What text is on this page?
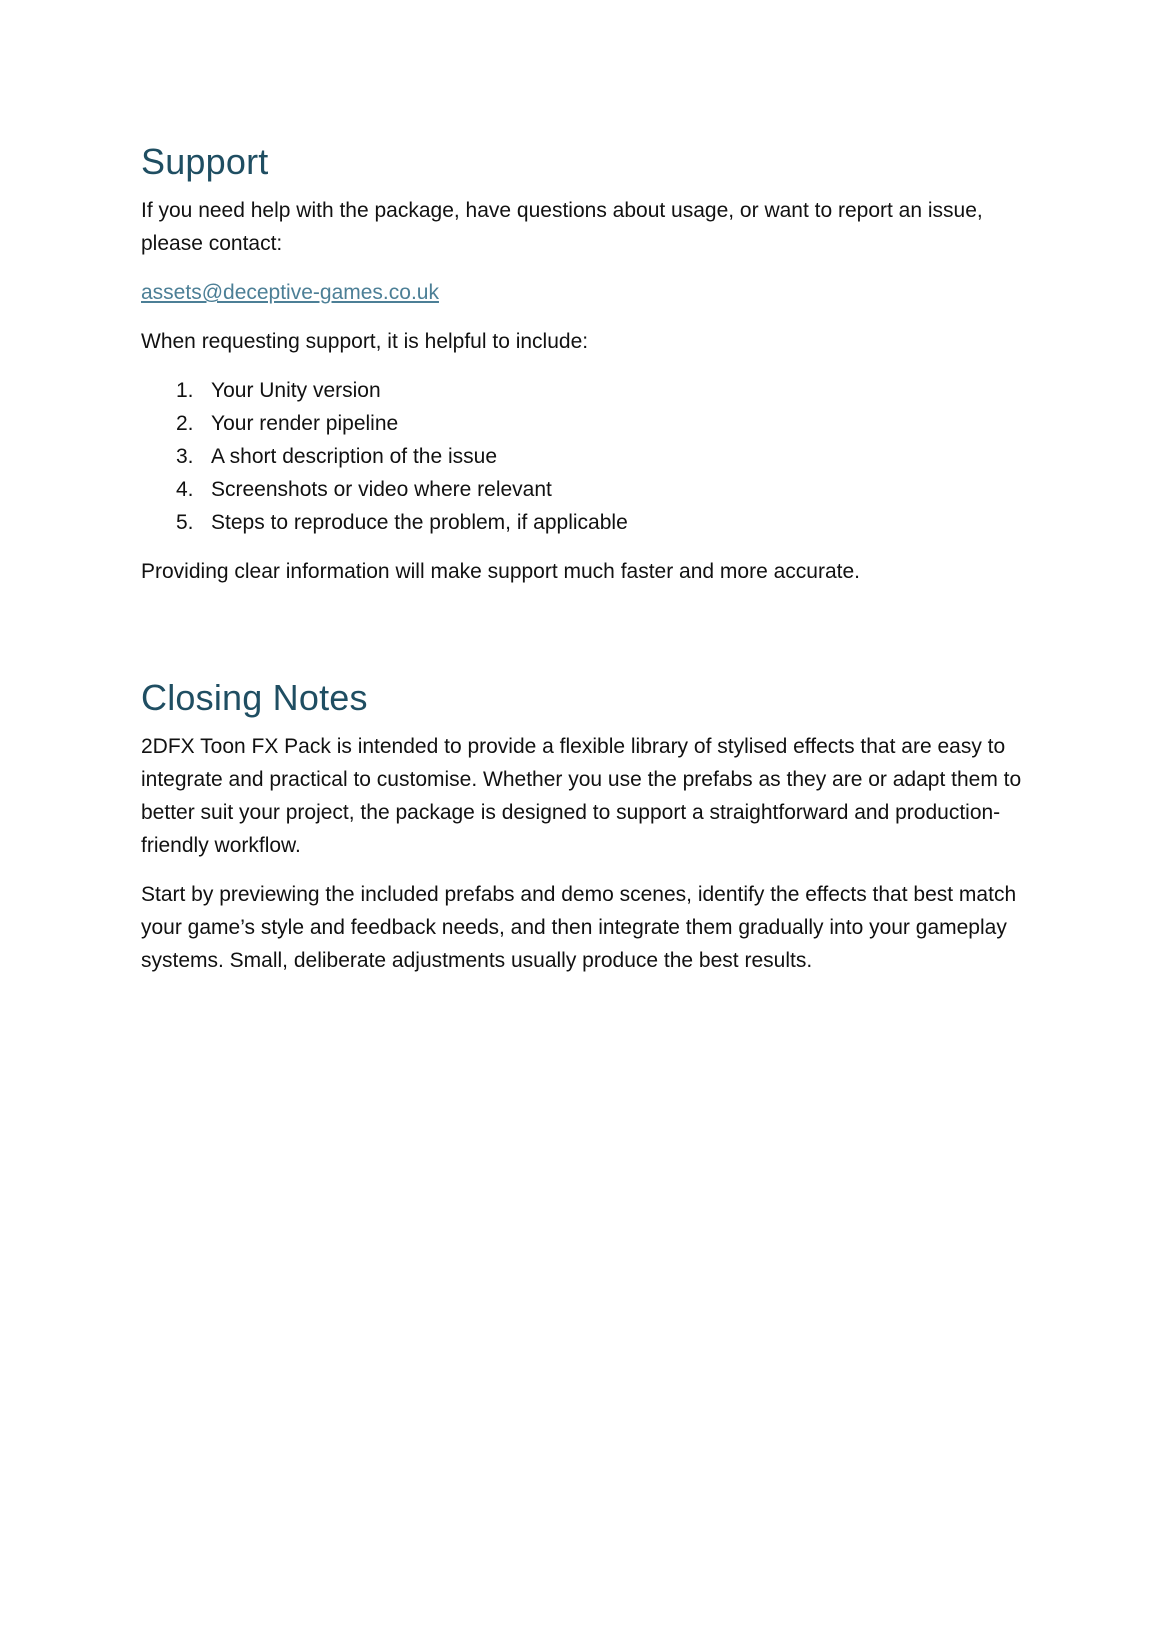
Support

If you need help with the package, have questions about usage, or want to report an issue, please contact:

assets@deceptive-games.co.uk

When requesting support, it is helpful to include:

1. Your Unity version
2. Your render pipeline
3. A short description of the issue
4. Screenshots or video where relevant
5. Steps to reproduce the problem, if applicable

Providing clear information will make support much faster and more accurate.

Closing Notes

2DFX Toon FX Pack is intended to provide a flexible library of stylised effects that are easy to integrate and practical to customise. Whether you use the prefabs as they are or adapt them to better suit your project, the package is designed to support a straightforward and production-friendly workflow.

Start by previewing the included prefabs and demo scenes, identify the effects that best match your game’s style and feedback needs, and then integrate them gradually into your gameplay systems. Small, deliberate adjustments usually produce the best results.
